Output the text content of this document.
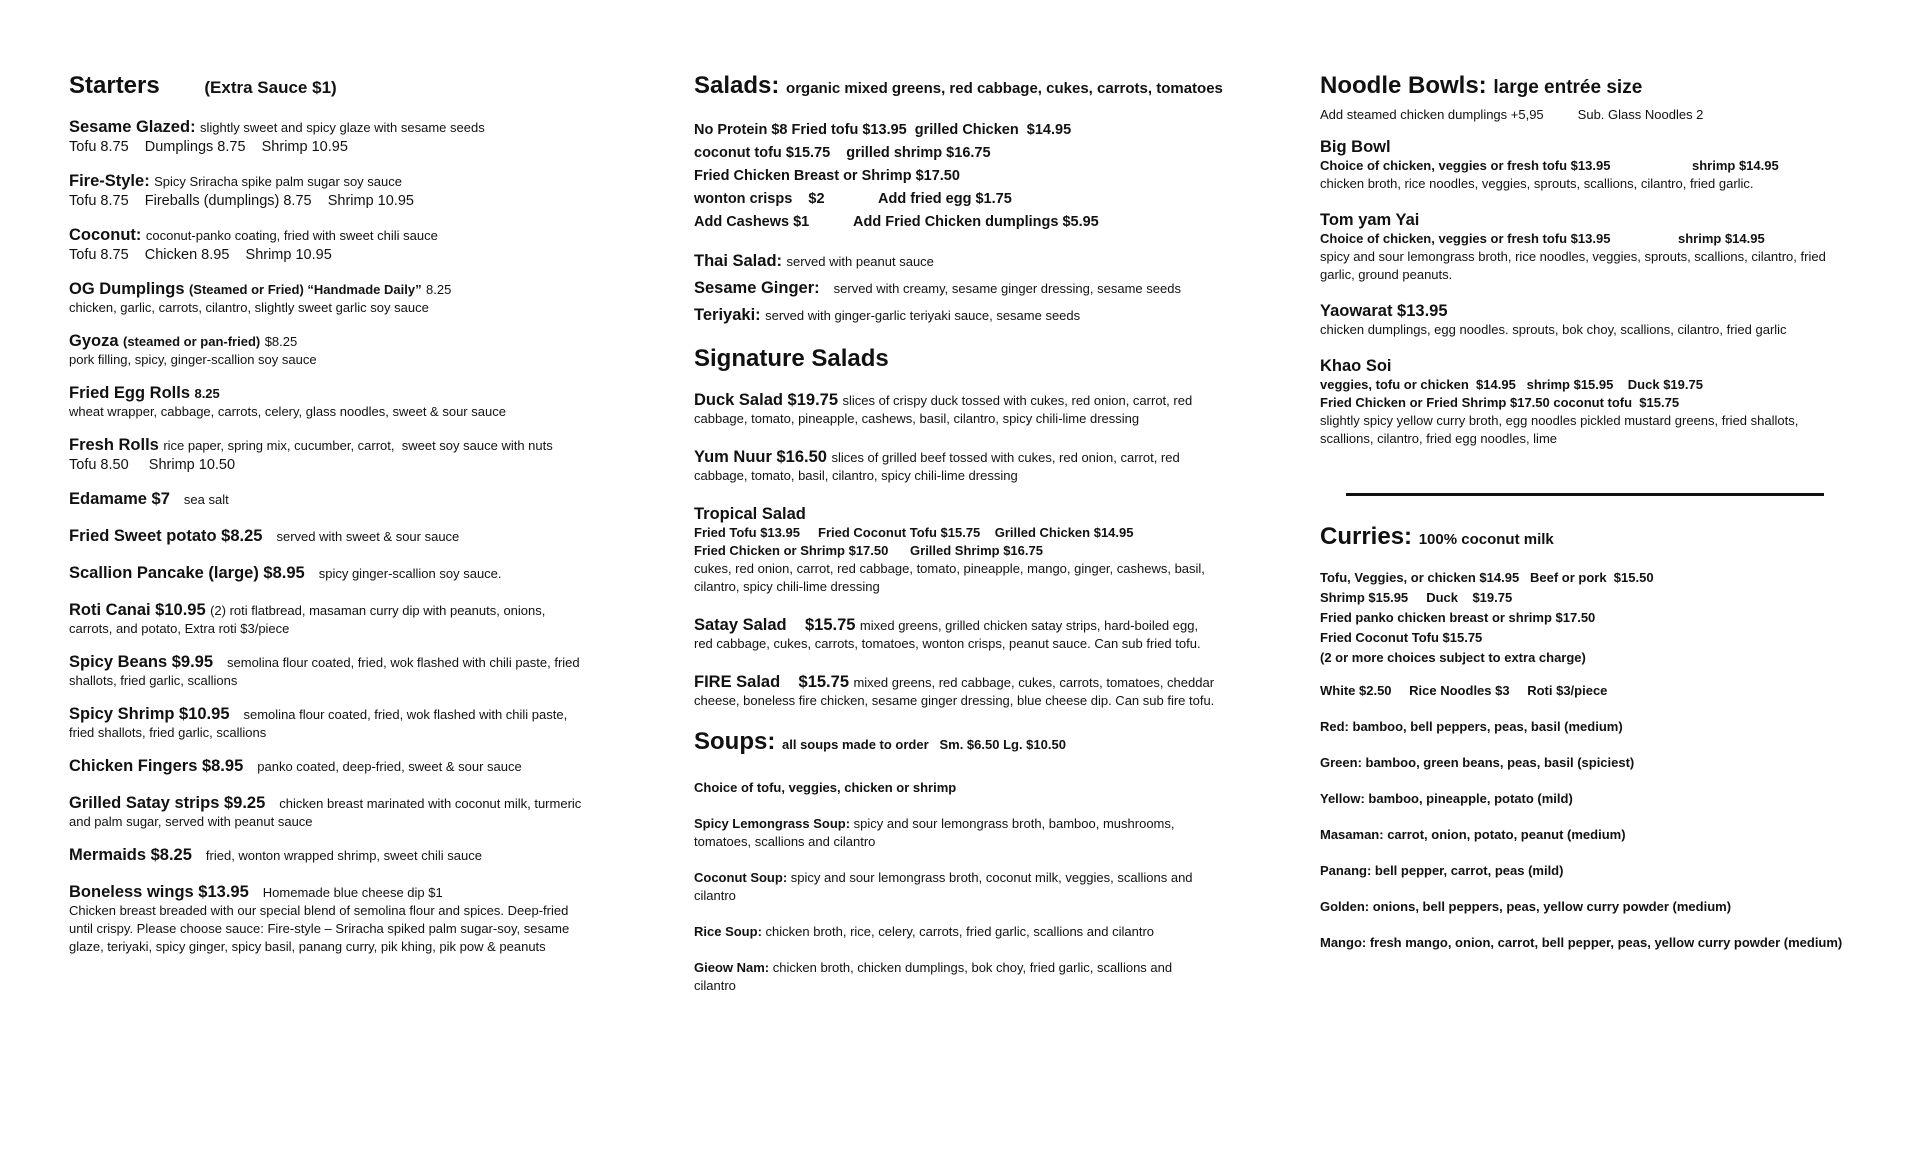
Starters	(Extra Sauce $1)
Sesame Glazed: slightly sweet and spicy glaze with sesame seeds
Tofu 8.75    Dumplings 8.75    Shrimp 10.95
Fire-Style: Spicy Sriracha spike palm sugar soy sauce
Tofu 8.75    Fireballs (dumplings) 8.75    Shrimp 10.95
Coconut: coconut-panko coating, fried with sweet chili sauce
Tofu 8.75    Chicken 8.95    Shrimp 10.95
OG Dumplings (Steamed or Fried) “Handmade Daily” 8.25
chicken, garlic, carrots, cilantro, slightly sweet garlic soy sauce
Gyoza (steamed or pan-fried) $8.25
pork filling, spicy, ginger-scallion soy sauce
Fried Egg Rolls 8.25
wheat wrapper, cabbage, carrots, celery, glass noodles, sweet & sour sauce
Fresh Rolls rice paper, spring mix, cucumber, carrot,  sweet soy sauce with nuts
Tofu 8.50     Shrimp 10.50
Edamame $7 sea salt
Fried Sweet potato $8.25 served with sweet & sour sauce
Scallion Pancake (large) $8.95 spicy ginger-scallion soy sauce.
Roti Canai $10.95 (2) roti flatbread, masaman curry dip with peanuts, onions,
carrots, and potato, Extra roti $3/piece
Spicy Beans $9.95 semolina flour coated, fried, wok flashed with chili paste, fried
shallots, fried garlic, scallions
Spicy Shrimp $10.95 semolina flour coated, fried, wok flashed with chili paste,
fried shallots, fried garlic, scallions
Chicken Fingers $8.95 panko coated, deep-fried, sweet & sour sauce
Grilled Satay strips $9.25 chicken breast marinated with coconut milk, turmeric
and palm sugar, served with peanut sauce
Mermaids $8.25 fried, wonton wrapped shrimp, sweet chili sauce
Boneless wings $13.95 Homemade blue cheese dip $1
Chicken breast breaded with our special blend of semolina flour and spices. Deep-fried
until crispy. Please choose sauce: Fire-style – Sriracha spiked palm sugar-soy, sesame
glaze, teriyaki, spicy ginger, spicy basil, panang curry, pik khing, pik pow & peanuts
Salads: organic mixed greens, red cabbage, cukes, carrots, tomatoes
No Protein $8 Fried tofu $13.95  grilled Chicken  $14.95
coconut tofu $15.75    grilled shrimp $16.75
Fried Chicken Breast or Shrimp $17.50
wonton crisps    $2	Add fried egg $1.75
Add Cashews $1	Add Fried Chicken dumplings $5.95
Thai Salad: served with peanut sauce
Sesame Ginger: served with creamy, sesame ginger dressing, sesame seeds
Teriyaki: served with ginger-garlic teriyaki sauce, sesame seeds
Signature Salads
Duck Salad $19.75 slices of crispy duck tossed with cukes, red onion, carrot, red
cabbage, tomato, pineapple, cashews, basil, cilantro, spicy chili-lime dressing
Yum Nuur $16.50 slices of grilled beef tossed with cukes, red onion, carrot, red
cabbage, tomato, basil, cilantro, spicy chili-lime dressing
Tropical Salad
Fried Tofu $13.95     Fried Coconut Tofu $15.75    Grilled Chicken $14.95
Fried Chicken or Shrimp $17.50      Grilled Shrimp $16.75
cukes, red onion, carrot, red cabbage, tomato, pineapple, mango, ginger, cashews, basil,
cilantro, spicy chili-lime dressing
Satay Salad    $15.75 mixed greens, grilled chicken satay strips, hard-boiled egg,
red cabbage, cukes, carrots, tomatoes, wonton crisps, peanut sauce. Can sub fried tofu.
FIRE Salad    $15.75 mixed greens, red cabbage, cukes, carrots, tomatoes, cheddar
cheese, boneless fire chicken, sesame ginger dressing, blue cheese dip. Can sub fire tofu.
Soups: all soups made to order   Sm. $6.50 Lg. $10.50
Choice of tofu, veggies, chicken or shrimp
Spicy Lemongrass Soup: spicy and sour lemongrass broth, bamboo, mushrooms,
tomatoes, scallions and cilantro
Coconut Soup: spicy and sour lemongrass broth, coconut milk, veggies, scallions and
cilantro
Rice Soup: chicken broth, rice, celery, carrots, fried garlic, scallions and cilantro
Gieow Nam: chicken broth, chicken dumplings, bok choy, fried garlic, scallions and
cilantro
Noodle Bowls: large entrée size
Add steamed chicken dumplings +5,95	Sub. Glass Noodles 2
Big Bowl
Choice of chicken, veggies or fresh tofu $13.95	shrimp $14.95
chicken broth, rice noodles, veggies, sprouts, scallions, cilantro, fried garlic.
Tom yam Yai
Choice of chicken, veggies or fresh tofu $13.95	shrimp $14.95
spicy and sour lemongrass broth, rice noodles, veggies, sprouts, scallions, cilantro, fried
garlic, ground peanuts.
Yaowarat $13.95
chicken dumplings, egg noodles. sprouts, bok choy, scallions, cilantro, fried garlic
Khao Soi
veggies, tofu or chicken  $14.95   shrimp $15.95    Duck $19.75
Fried Chicken or Fried Shrimp $17.50 coconut tofu  $15.75
slightly spicy yellow curry broth, egg noodles pickled mustard greens, fried shallots,
scallions, cilantro, fried egg noodles, lime
Curries: 100% coconut milk
Tofu, Veggies, or chicken $14.95   Beef or pork  $15.50
Shrimp $15.95     Duck    $19.75
Fried panko chicken breast or shrimp $17.50
Fried Coconut Tofu $15.75
(2 or more choices subject to extra charge)
White $2.50 Rice Noodles $3 Roti $3/piece
Red: bamboo, bell peppers, peas, basil (medium)
Green: bamboo, green beans, peas, basil (spiciest)
Yellow: bamboo, pineapple, potato (mild)
Masaman: carrot, onion, potato, peanut (medium)
Panang: bell pepper, carrot, peas (mild)
Golden: onions, bell peppers, peas, yellow curry powder (medium)
Mango: fresh mango, onion, carrot, bell pepper, peas, yellow curry powder (medium)
